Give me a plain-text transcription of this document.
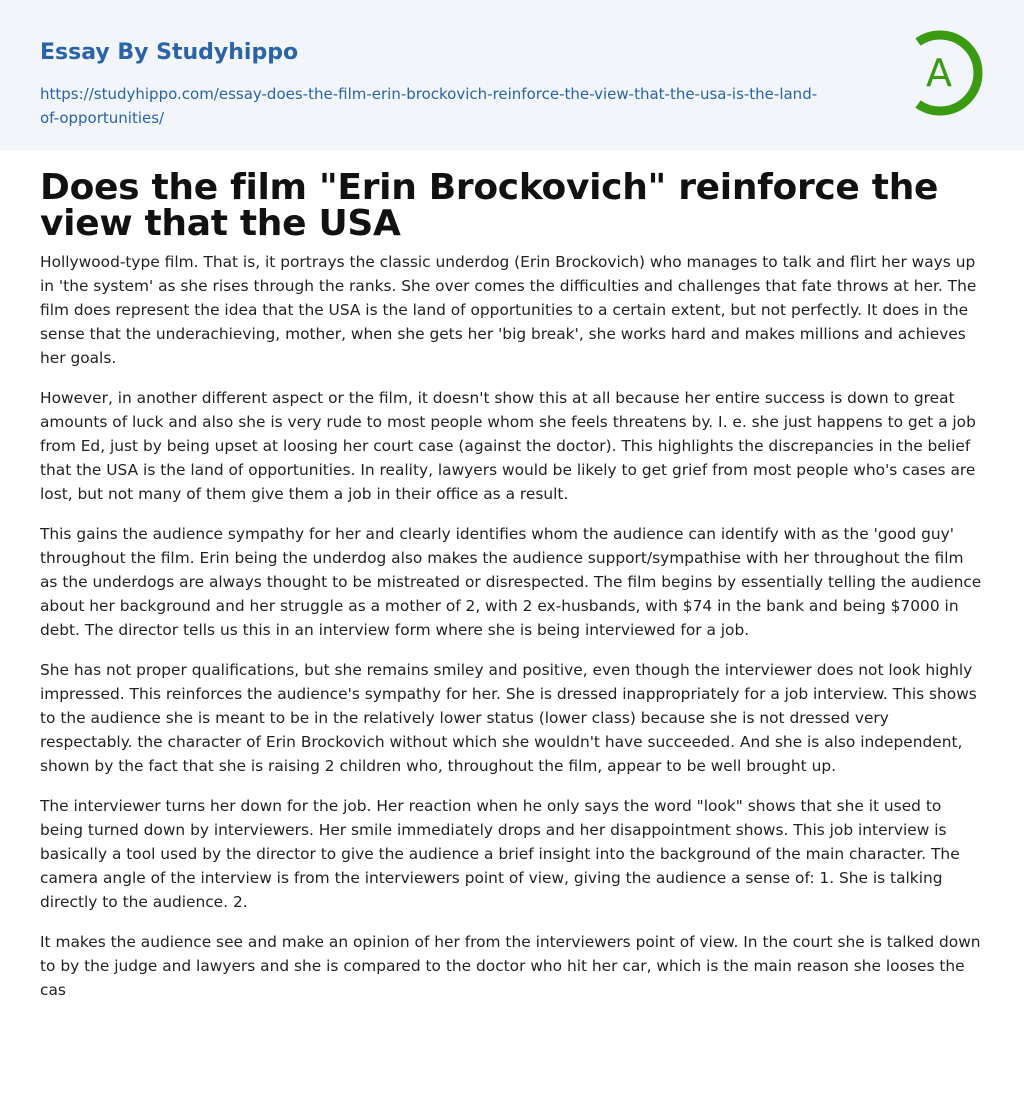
Essay By Studyhippo
https://studyhippo.com/essay-does-the-film-erin-brockovich-reinforce-the-view-that-the-usa-is-the-land-of-opportunities/
A
Does the film "Erin Brockovich" reinforce the view that the USA

Hollywood-type film. That is, it portrays the classic underdog (Erin Brockovich) who manages to talk and flirt her ways up in 'the system' as she rises through the ranks. She over comes the difficulties and challenges that fate throws at her. The film does represent the idea that the USA is the land of opportunities to a certain extent, but not perfectly. It does in the sense that the underachieving, mother, when she gets her 'big break', she works hard and makes millions and achieves her goals.

However, in another different aspect or the film, it doesn't show this at all because her entire success is down to great amounts of luck and also she is very rude to most people whom she feels threatens by. I. e. she just happens to get a job from Ed, just by being upset at loosing her court case (against the doctor). This highlights the discrepancies in the belief that the USA is the land of opportunities. In reality, lawyers would be likely to get grief from most people who's cases are lost, but not many of them give them a job in their office as a result.

This gains the audience sympathy for her and clearly identifies whom the audience can identify with as the 'good guy' throughout the film. Erin being the underdog also makes the audience support/sympathise with her throughout the film as the underdogs are always thought to be mistreated or disrespected. The film begins by essentially telling the audience about her background and her struggle as a mother of 2, with 2 ex-husbands, with $74 in the bank and being $7000 in debt. The director tells us this in an interview form where she is being interviewed for a job.

She has not proper qualifications, but she remains smiley and positive, even though the interviewer does not look highly impressed. This reinforces the audience's sympathy for her. She is dressed inappropriately for a job interview. This shows to the audience she is meant to be in the relatively lower status (lower class) because she is not dressed very respectably. the character of Erin Brockovich without which she wouldn't have succeeded. And she is also independent, shown by the fact that she is raising 2 children who, throughout the film, appear to be well brought up.

The interviewer turns her down for the job. Her reaction when he only says the word "look" shows that she it used to being turned down by interviewers. Her smile immediately drops and her disappointment shows. This job interview is basically a tool used by the director to give the audience a brief insight into the background of the main character. The camera angle of the interview is from the interviewers point of view, giving the audience a sense of: 1. She is talking directly to the audience. 2.

It makes the audience see and make an opinion of her from the interviewers point of view. In the court she is talked down to by the judge and lawyers and she is compared to the doctor who hit her car, which is the main reason she looses the cas
